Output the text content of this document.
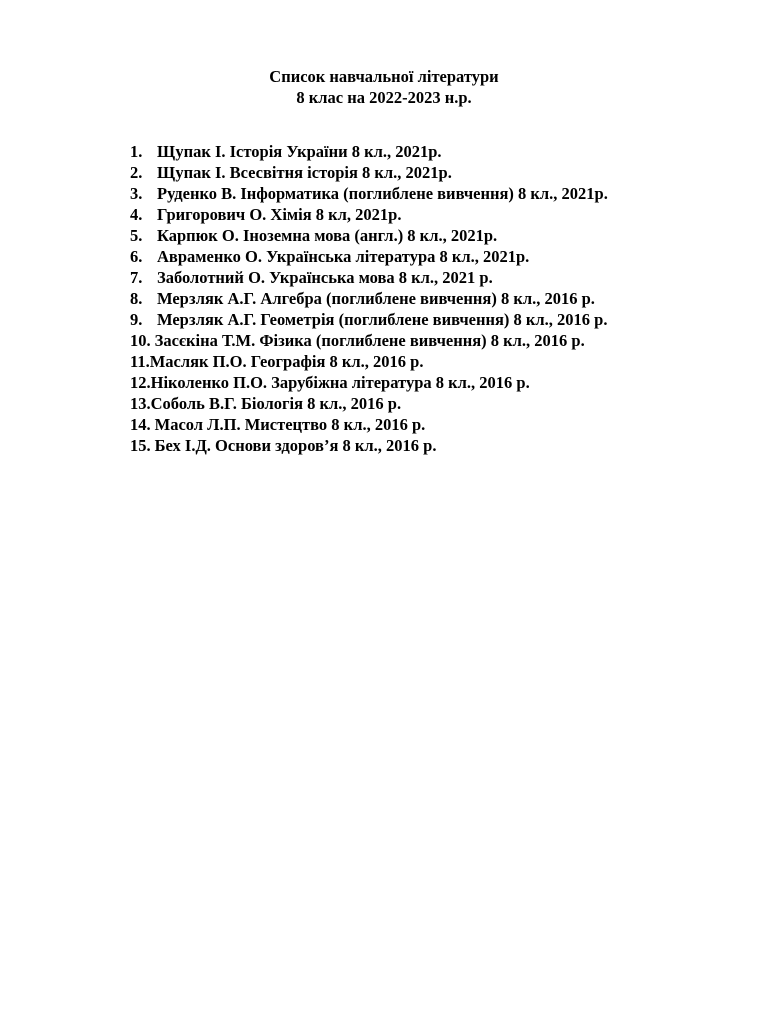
Список навчальної літератури
8 клас на 2022-2023 н.р.
1. Щупак І. Історія України 8 кл., 2021р.
2. Щупак І. Всесвітня історія 8 кл., 2021р.
3. Руденко В. Інформатика (поглиблене вивчення) 8 кл., 2021р.
4. Григорович О. Хімія 8 кл, 2021р.
5. Карпюк О. Іноземна мова (англ.) 8 кл., 2021р.
6. Авраменко О. Українська література 8 кл., 2021р.
7. Заболотний О. Українська мова 8 кл., 2021 р.
8. Мерзляк А.Г. Алгебра (поглиблене вивчення) 8 кл., 2016 р.
9. Мерзляк А.Г. Геометрія (поглиблене вивчення) 8 кл., 2016 р.
10. Засєкіна Т.М. Фізика (поглиблене вивчення) 8 кл., 2016 р.
11.Масляк П.О. Географія 8 кл., 2016 р.
12.Ніколенко П.О. Зарубіжна література 8 кл., 2016 р.
13.Соболь В.Г. Біологія 8 кл., 2016 р.
14. Масол Л.П. Мистецтво 8 кл., 2016 р.
15. Бех І.Д. Основи здоров’я 8 кл., 2016 р.
